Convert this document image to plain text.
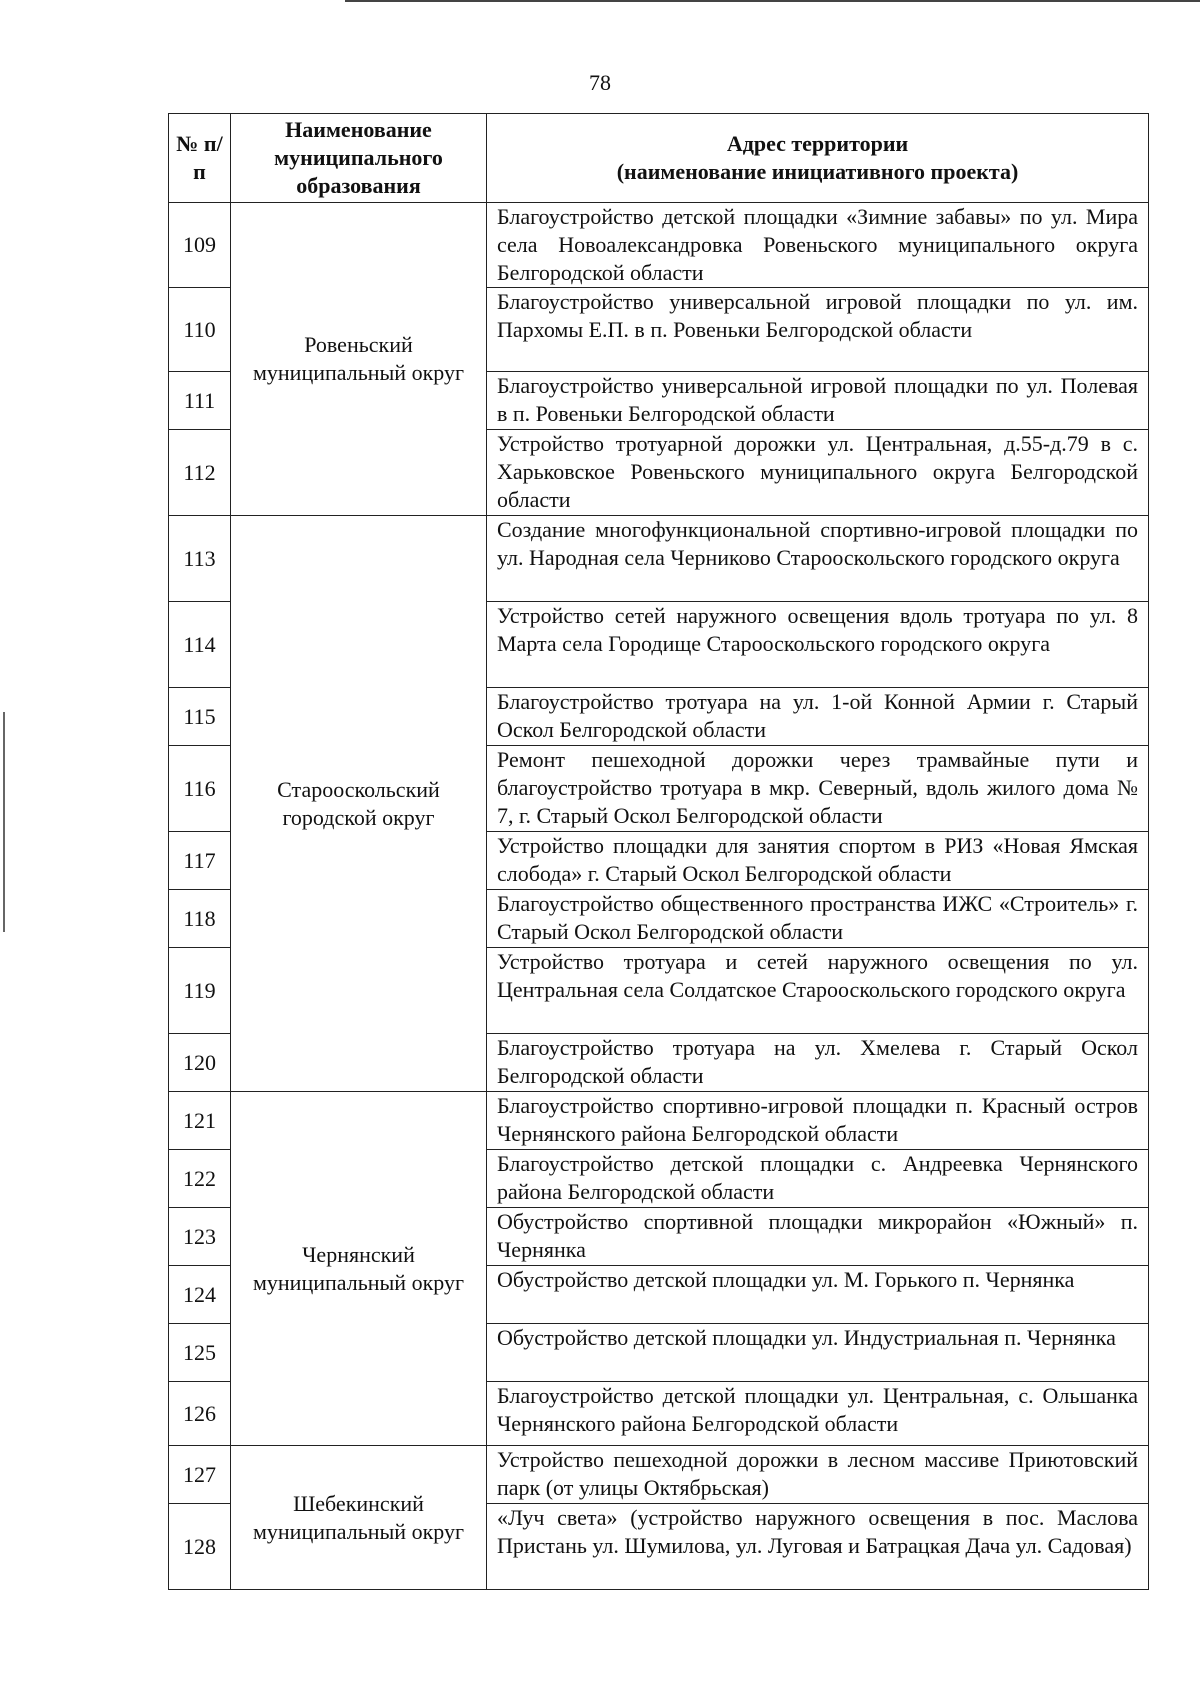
78
№ п/п	Наименование муниципального образования	Адрес территории
(наименование инициативного проекта)

109	Ровеньский муниципальный округ	Благоустройство детской площадки «Зимние забавы» по ул. Мира села Новоалександровка Ровеньского муниципального округа Белгородской области
110		Благоустройство универсальной игровой площадки по ул. им. Пархомы Е.П. в п. Ровеньки Белгородской области
111		Благоустройство универсальной игровой площадки по ул. Полевая в п. Ровеньки Белгородской области
112		Устройство тротуарной дорожки ул. Центральная, д.55-д.79 в с. Харьковское Ровеньского муниципального округа Белгородской области
113	Старооскольский городской округ	Создание многофункциональной спортивно-игровой площадки по ул. Народная села Черниково Старооскольского городского округа
114		Устройство сетей наружного освещения вдоль тротуара по ул. 8 Марта села Городище Старооскольского городского округа
115		Благоустройство тротуара на ул. 1-ой Конной Армии г. Старый Оскол Белгородской области
116		Ремонт пешеходной дорожки через трамвайные пути и благоустройство тротуара в мкр. Северный, вдоль жилого дома № 7, г. Старый Оскол Белгородской области
117		Устройство площадки для занятия спортом в РИЗ «Новая Ямская слобода» г. Старый Оскол Белгородской области
118		Благоустройство общественного пространства ИЖС «Строитель» г. Старый Оскол Белгородской области
119		Устройство тротуара и сетей наружного освещения по ул. Центральная села Солдатское Старооскольского городского округа
120		Благоустройство тротуара на ул. Хмелева г. Старый Оскол Белгородской области
121	Чернянский муниципальный округ	Благоустройство спортивно-игровой площадки п. Красный остров Чернянского района Белгородской области
122		Благоустройство детской площадки с. Андреевка Чернянского района Белгородской области
123		Обустройство спортивной площадки микрорайон «Южный» п. Чернянка
124		Обустройство детской площадки ул. М. Горького п. Чернянка
125		Обустройство детской площадки ул. Индустриальная п. Чернянка
126		Благоустройство детской площадки ул. Центральная, с. Ольшанка Чернянского района Белгородской области
127	Шебекинский муниципальный округ	Устройство пешеходной дорожки в лесном массиве Приютовский парк (от улицы Октябрьская)
128		«Луч света» (устройство наружного освещения в пос. Маслова Пристань ул. Шумилова, ул. Луговая и Батрацкая Дача ул. Садовая)
